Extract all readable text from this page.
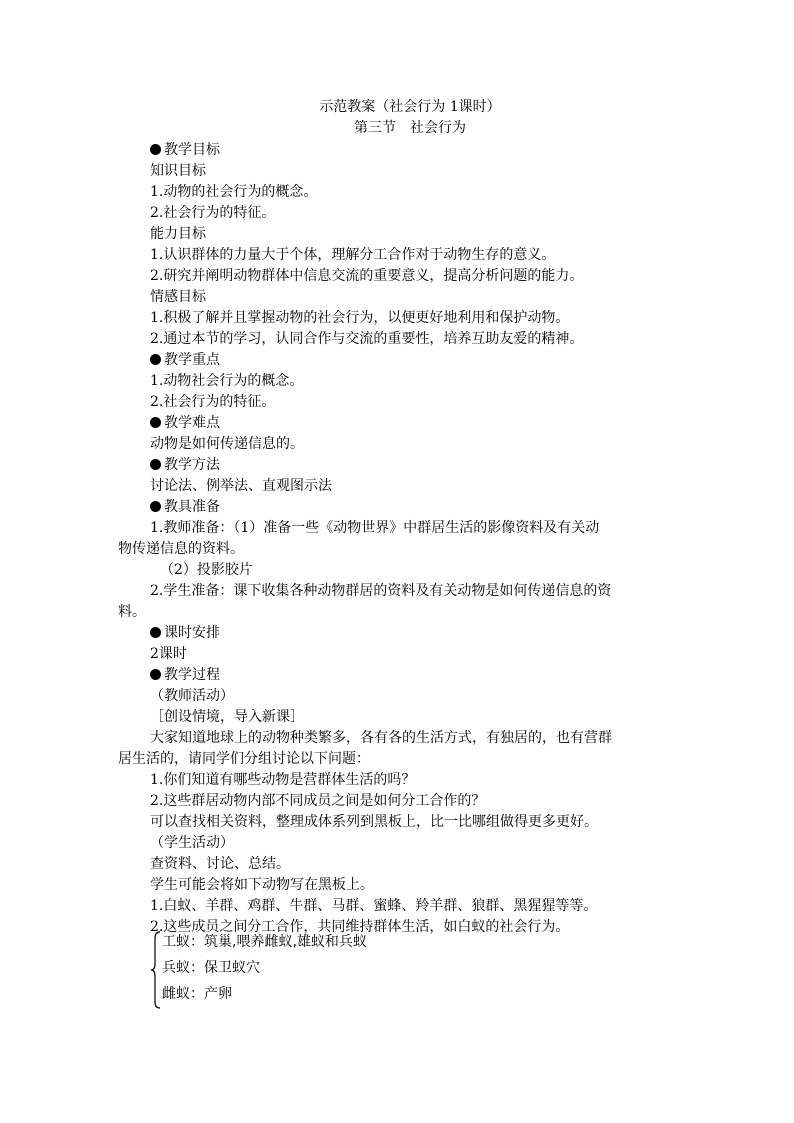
示范教案（社会行为 1课时）
第三节　社会行为
教学目标
知识目标
1.动物的社会行为的概念。
2.社会行为的特征。
能力目标
1.认识群体的力量大于个体，理解分工合作对于动物生存的意义。
2.研究并阐明动物群体中信息交流的重要意义，提高分析问题的能力。
情感目标
1.积极了解并且掌握动物的社会行为，以便更好地利用和保护动物。
2.通过本节的学习，认同合作与交流的重要性，培养互助友爱的精神。
教学重点
1.动物社会行为的概念。
2.社会行为的特征。
教学难点
动物是如何传递信息的。
教学方法
讨论法、例举法、直观图示法
教具准备
1.教师准备：（1）准备一些《动物世界》中群居生活的影像资料及有关动
物传递信息的资料。
（2）投影胶片
2.学生准备：课下收集各种动物群居的资料及有关动物是如何传递信息的资
料。
课时安排
2课时
教学过程
（教师活动）
［创设情境，导入新课］
大家知道地球上的动物种类繁多，各有各的生活方式，有独居的，也有营群
居生活的，请同学们分组讨论以下问题：
1.你们知道有哪些动物是营群体生活的吗？
2.这些群居动物内部不同成员之间是如何分工合作的？
可以查找相关资料，整理成体系列到黑板上，比一比哪组做得更多更好。
（学生活动）
查资料、讨论、总结。
学生可能会将如下动物写在黑板上。
1.白蚁、羊群、鸡群、牛群、马群、蜜蜂、羚羊群、狼群、黑猩猩等等。
2.这些成员之间分工合作，共同维持群体生活，如白蚁的社会行为。
工蚁：筑巢,喂养雌蚁,雄蚁和兵蚁
兵蚁：保卫蚁穴
雌蚁：产卵
